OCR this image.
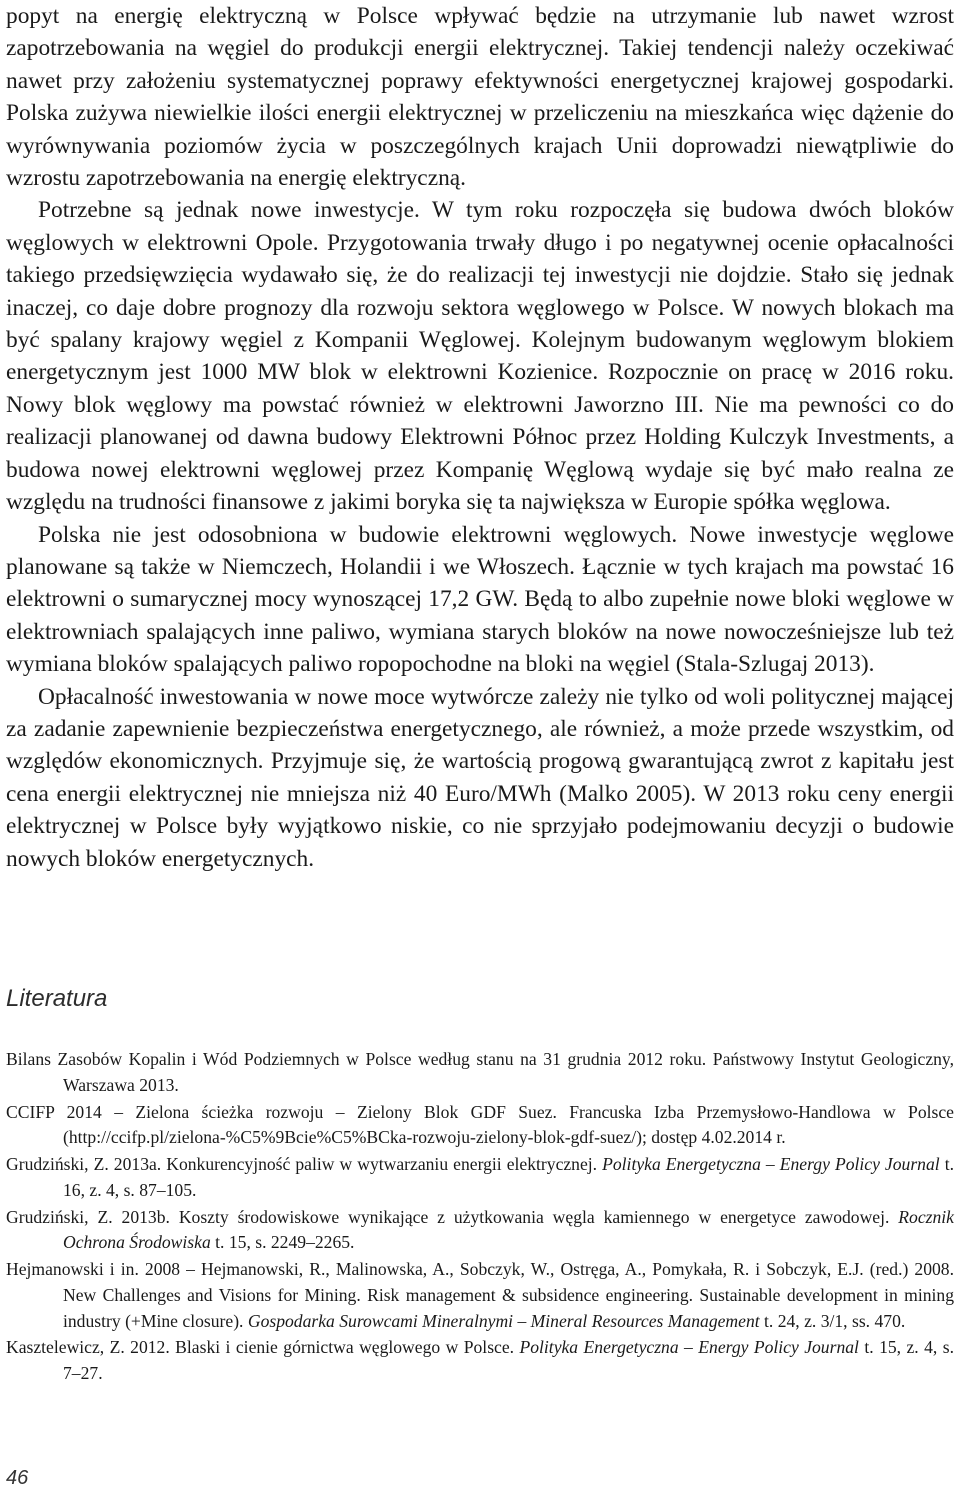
popyt na energię elektryczną w Polsce wpływać będzie na utrzymanie lub nawet wzrost zapotrzebowania na węgiel do produkcji energii elektrycznej. Takiej tendencji należy oczekiwać nawet przy założeniu systematycznej poprawy efektywności energetycznej krajowej gospodarki. Polska zużywa niewielkie ilości energii elektrycznej w przeliczeniu na mieszkańca więc dążenie do wyrównywania poziomów życia w poszczególnych krajach Unii doprowadzi niewątpliwie do wzrostu zapotrzebowania na energię elektryczną.

Potrzebne są jednak nowe inwestycje. W tym roku rozpoczęła się budowa dwóch bloków węglowych w elektrowni Opole. Przygotowania trwały długo i po negatywnej ocenie opłacalności takiego przedsięwzięcia wydawało się, że do realizacji tej inwestycji nie dojdzie. Stało się jednak inaczej, co daje dobre prognozy dla rozwoju sektora węglowego w Polsce. W nowych blokach ma być spalany krajowy węgiel z Kompanii Węglowej. Kolejnym budowanym węglowym blokiem energetycznym jest 1000 MW blok w elektrowni Kozienice. Rozpocznie on pracę w 2016 roku. Nowy blok węglowy ma powstać również w elektrowni Jaworzno III. Nie ma pewności co do realizacji planowanej od dawna budowy Elektrowni Północ przez Holding Kulczyk Investments, a budowa nowej elektrowni węglowej przez Kompanię Węglową wydaje się być mało realna ze względu na trudności finansowe z jakimi boryka się ta największa w Europie spółka węglowa.

Polska nie jest odosobniona w budowie elektrowni węglowych. Nowe inwestycje węglowe planowane są także w Niemczech, Holandii i we Włoszech. Łącznie w tych krajach ma powstać 16 elektrowni o sumarycznej mocy wynoszącej 17,2 GW. Będą to albo zupełnie nowe bloki węglowe w elektrowniach spalających inne paliwo, wymiana starych bloków na nowe nowocześniejsze lub też wymiana bloków spalających paliwo ropopochodne na bloki na węgiel (Stala-Szlugaj 2013).

Opłacalność inwestowania w nowe moce wytwórcze zależy nie tylko od woli politycznej mającej za zadanie zapewnienie bezpieczeństwa energetycznego, ale również, a może przede wszystkim, od względów ekonomicznych. Przyjmuje się, że wartością progową gwarantującą zwrot z kapitału jest cena energii elektrycznej nie mniejsza niż 40 Euro/MWh (Malko 2005). W 2013 roku ceny energii elektrycznej w Polsce były wyjątkowo niskie, co nie sprzyjało podejmowaniu decyzji o budowie nowych bloków energetycznych.

Literatura
Bilans Zasobów Kopalin i Wód Podziemnych w Polsce według stanu na 31 grudnia 2012 roku. Państwowy Instytut Geologiczny, Warszawa 2013.
CCIFP 2014 – Zielona ścieżka rozwoju – Zielony Blok GDF Suez. Francuska Izba Przemysłowo-Handlowa w Polsce (http://ccifp.pl/zielona-%C5%9Bcie%C5%BCka-rozwoju-zielony-blok-gdf-suez/); dostęp 4.02.2014 r.
Grudziński, Z. 2013a. Konkurencyjność paliw w wytwarzaniu energii elektrycznej. Polityka Energetyczna – Energy Policy Journal t. 16, z. 4, s. 87–105.
Grudziński, Z. 2013b. Koszty środowiskowe wynikające z użytkowania węgla kamiennego w energetyce zawodowej. Rocznik Ochrona Środowiska t. 15, s. 2249–2265.
Hejmanowski i in. 2008 – Hejmanowski, R., Malinowska, A., Sobczyk, W., Ostręga, A., Pomykała, R. i Sobczyk, E.J. (red.) 2008. New Challenges and Visions for Mining. Risk management & subsidence engineering. Sustainable development in mining industry (+Mine closure). Gospodarka Surowcami Mineralnymi – Mineral Resources Management t. 24, z. 3/1, ss. 470.
Kasztelewicz, Z. 2012. Blaski i cienie górnictwa węglowego w Polsce. Polityka Energetyczna – Energy Policy Journal t. 15, z. 4, s. 7–27.
46
